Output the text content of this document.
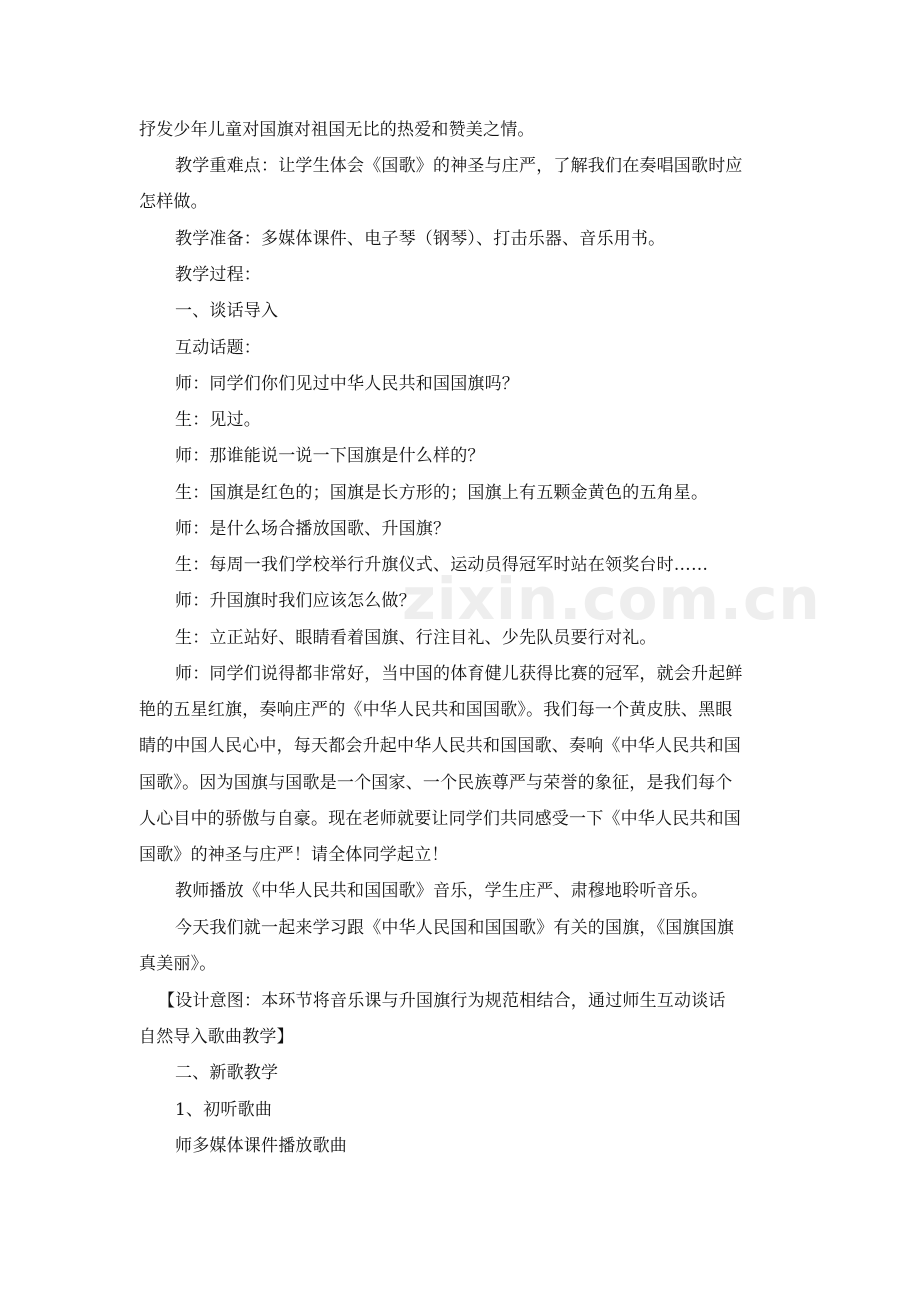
抒发少年儿童对国旗对祖国无比的热爱和赞美之情。
教学重难点：让学生体会《国歌》的神圣与庄严，了解我们在奏唱国歌时应
怎样做。
教学准备：多媒体课件、电子琴（钢琴）、打击乐器、音乐用书。
教学过程：
一、谈话导入
互动话题：
师：同学们你们见过中华人民共和国国旗吗？
生：见过。
师：那谁能说一说一下国旗是什么样的？
生：国旗是红色的；国旗是长方形的；国旗上有五颗金黄色的五角星。
师：是什么场合播放国歌、升国旗？
生：每周一我们学校举行升旗仪式、运动员得冠军时站在领奖台时……
师：升国旗时我们应该怎么做？
生：立正站好、眼睛看着国旗、行注目礼、少先队员要行对礼。
师：同学们说得都非常好，当中国的体育健儿获得比赛的冠军，就会升起鲜
艳的五星红旗，奏响庄严的《中华人民共和国国歌》。我们每一个黄皮肤、黑眼
睛的中国人民心中，每天都会升起中华人民共和国国歌、奏响《中华人民共和国
国歌》。因为国旗与国歌是一个国家、一个民族尊严与荣誉的象征，是我们每个
人心目中的骄傲与自豪。现在老师就要让同学们共同感受一下《中华人民共和国
国歌》的神圣与庄严！请全体同学起立！
教师播放《中华人民共和国国歌》音乐，学生庄严、肃穆地聆听音乐。
今天我们就一起来学习跟《中华人民国和国国歌》有关的国旗，《国旗国旗
真美丽》。
【设计意图：本环节将音乐课与升国旗行为规范相结合，通过师生互动谈话
自然导入歌曲教学】
二、新歌教学
1、初听歌曲
师多媒体课件播放歌曲
zixin.com.cn
